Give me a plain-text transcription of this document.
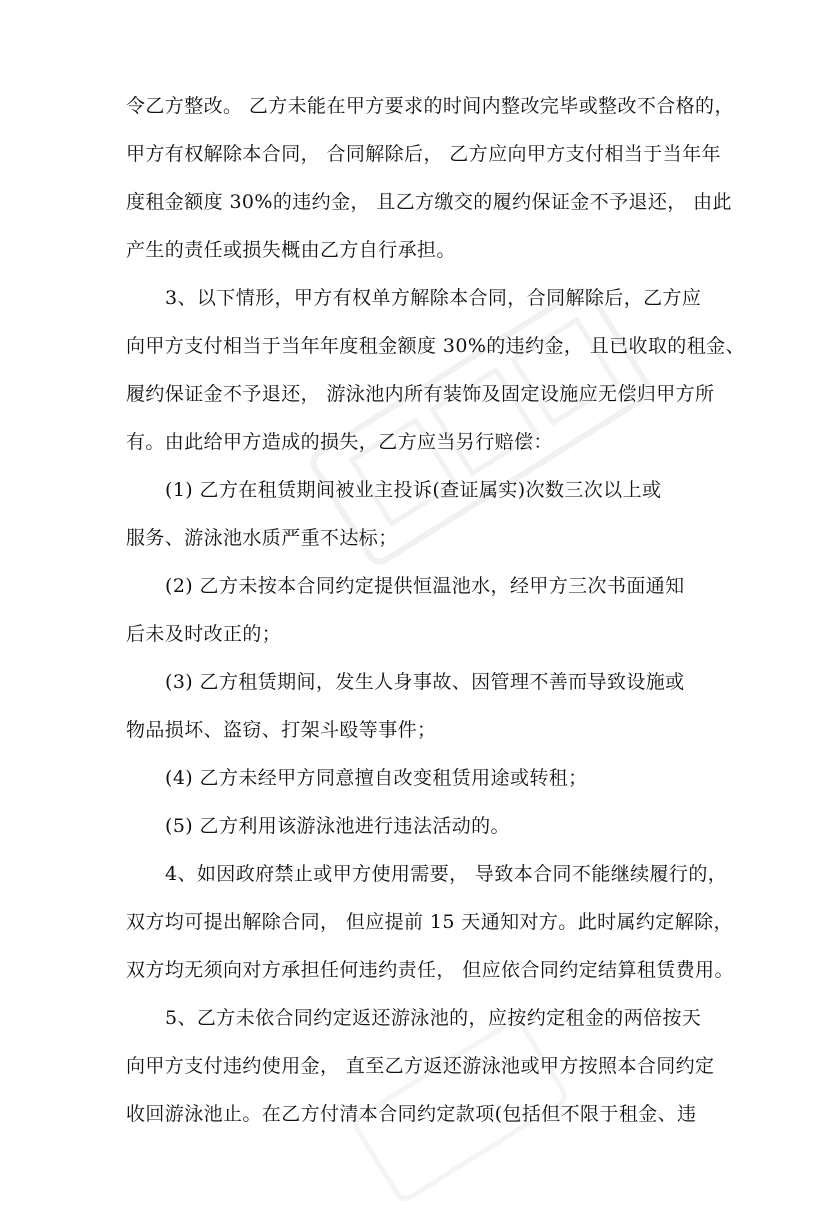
令乙方整改。 乙方未能在甲方要求的时间内整改完毕或整改不合格的，
甲方有权解除本合同， 合同解除后， 乙方应向甲方支付相当于当年年
度租金额度 30%的违约金， 且乙方缴交的履约保证金不予退还， 由此
产生的责任或损失概由乙方自行承担。
3、以下情形，甲方有权单方解除本合同，合同解除后，乙方应
向甲方支付相当于当年年度租金额度 30%的违约金， 且已收取的租金、
履约保证金不予退还， 游泳池内所有装饰及固定设施应无偿归甲方所
有。由此给甲方造成的损失，乙方应当另行赔偿：
(1) 乙方在租赁期间被业主投诉(查证属实)次数三次以上或
服务、游泳池水质严重不达标；
(2) 乙方未按本合同约定提供恒温池水，经甲方三次书面通知
后未及时改正的；
(3) 乙方租赁期间，发生人身事故、因管理不善而导致设施或
物品损坏、盗窃、打架斗殴等事件；
(4) 乙方未经甲方同意擅自改变租赁用途或转租；
(5) 乙方利用该游泳池进行违法活动的。
4、如因政府禁止或甲方使用需要， 导致本合同不能继续履行的，
双方均可提出解除合同， 但应提前 15 天通知对方。此时属约定解除，
双方均无须向对方承担任何违约责任， 但应依合同约定结算租赁费用。
5、乙方未依合同约定返还游泳池的，应按约定租金的两倍按天
向甲方支付违约使用金， 直至乙方返还游泳池或甲方按照本合同约定
收回游泳池止。在乙方付清本合同约定款项(包括但不限于租金、违
